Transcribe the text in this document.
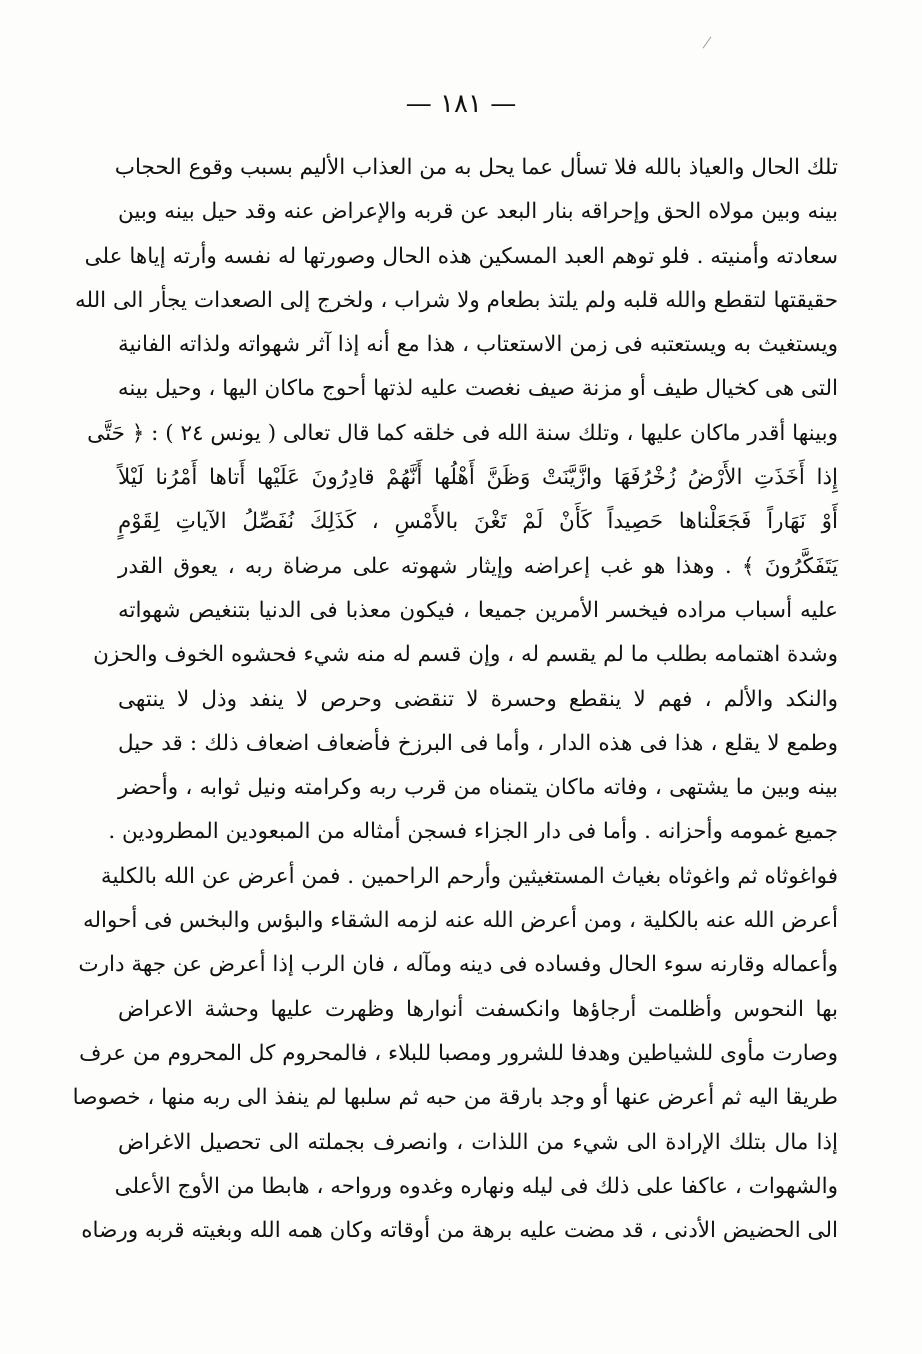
— ١٨١ —
تلك الحال والعياذ بالله فلا تسأل عما يحل به من العذاب الأليم بسبب وقوع الحجاب
بينه وبين مولاه الحق وإحراقه بنار البعد عن قربه والإعراض عنه وقد حيل بينه وبين
سعادته وأمنيته . فلو توهم العبد المسكين هذه الحال وصورتها له نفسه وأرته إياها على
حقيقتها لتقطع والله قلبه ولم يلتذ بطعام ولا شراب ، ولخرج إلى الصعدات يجأر الى الله
ويستغيث به ويستعتبه فى زمن الاستعتاب ، هذا مع أنه إذا آثر شهواته ولذاته الفانية
التى هى كخيال طيف أو مزنة صيف نغصت عليه لذتها أحوج ماكان اليها ، وحيل بينه
وبينها أقدر ماكان عليها ، وتلك سنة الله فى خلقه كما قال تعالى ( يونس ٢٤ ) : ﴿ حَتَّى
إِذا أَخَذَتِ الأَرْضُ زُخْرُفَهَا وازَّيَّنَتْ وَظَنَّ أَهْلُها أَنَّهُمْ قادِرُونَ عَلَيْها أَتاها أَمْرُنا لَيْلاً
أَوْ نَهَاراً فَجَعَلْناها حَصِيداً كَأَنْ لَمْ تَغْنَ بالأَمْسِ ، كَذَلِكَ نُفَصِّلُ الآياتِ لِقَوْمٍ
يَتَفَكَّرُونَ ﴾ . وهذا هو غب إعراضه وإيثار شهوته على مرضاة ربه ، يعوق القدر
عليه أسباب مراده فيخسر الأمرين جميعا ، فيكون معذبا فى الدنيا بتنغيص شهواته
وشدة اهتمامه بطلب ما لم يقسم له ، وإن قسم له منه شيء فحشوه الخوف والحزن
والنكد والألم ، فهم لا ينقطع وحسرة لا تنقضى وحرص لا ينفد وذل لا ينتهى
وطمع لا يقلع ، هذا فى هذه الدار ، وأما فى البرزخ فأضعاف اضعاف ذلك : قد حيل
بينه وبين ما يشتهى ، وفاته ماكان يتمناه من قرب ربه وكرامته ونيل ثوابه ، وأحضر
جميع غمومه وأحزانه . وأما فى دار الجزاء فسجن أمثاله من المبعودين المطرودين .
فواغوثاه ثم واغوثاه بغياث المستغيثين وأرحم الراحمين . فمن أعرض عن الله بالكلية
أعرض الله عنه بالكلية ، ومن أعرض الله عنه لزمه الشقاء والبؤس والبخس فى أحواله
وأعماله وقارنه سوء الحال وفساده فى دينه ومآله ، فان الرب إذا أعرض عن جهة دارت
بها النحوس وأظلمت أرجاؤها وانكسفت أنوارها وظهرت عليها وحشة الاعراض
وصارت مأوى للشياطين وهدفا للشرور ومصبا للبلاء ، فالمحروم كل المحروم من عرف
طريقا اليه ثم أعرض عنها أو وجد بارقة من حبه ثم سلبها لم ينفذ الى ربه منها ، خصوصا
إذا مال بتلك الإرادة الى شيء من اللذات ، وانصرف بجملته الى تحصيل الاغراض
والشهوات ، عاكفا على ذلك فى ليله ونهاره وغدوه ورواحه ، هابطا من الأوج الأعلى
الى الحضيض الأدنى ، قد مضت عليه برهة من أوقاته وكان همه الله وبغيته قربه ورضاه
